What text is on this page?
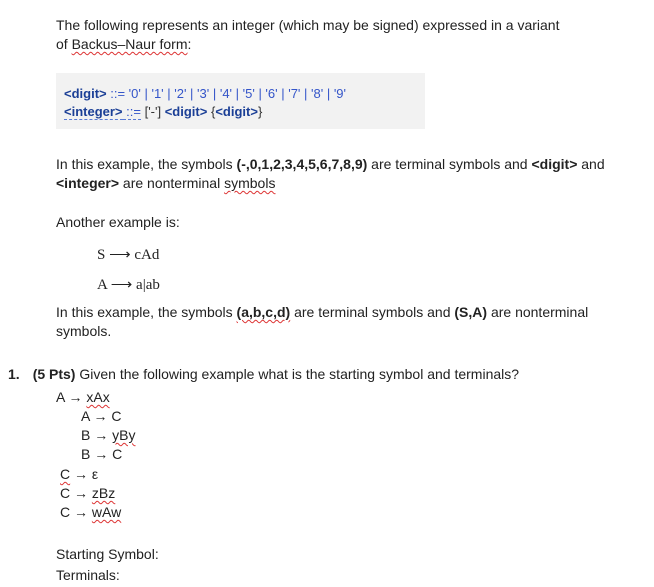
The following represents an integer (which may be signed) expressed in a variant
of Backus–Naur form:
<digit> ::= '0' | '1' | '2' | '3' | '4' | '5' | '6' | '7' | '8' | '9'
<integer> ::= ['-'] <digit> {<digit>}
In this example, the symbols (-,0,1,2,3,4,5,6,7,8,9) are terminal symbols and <digit> and
<integer> are nonterminal symbols
Another example is:
S ⟶ cAd
A ⟶ a|ab
In this example, the symbols (a,b,c,d) are terminal symbols and (S,A) are nonterminal
symbols.
1. (5 Pts) Given the following example what is the starting symbol and terminals?
A → xAx
A → C
B → yBy
B → C
C → ε
C → zBz
C → wAw
Starting Symbol:
Terminals:
